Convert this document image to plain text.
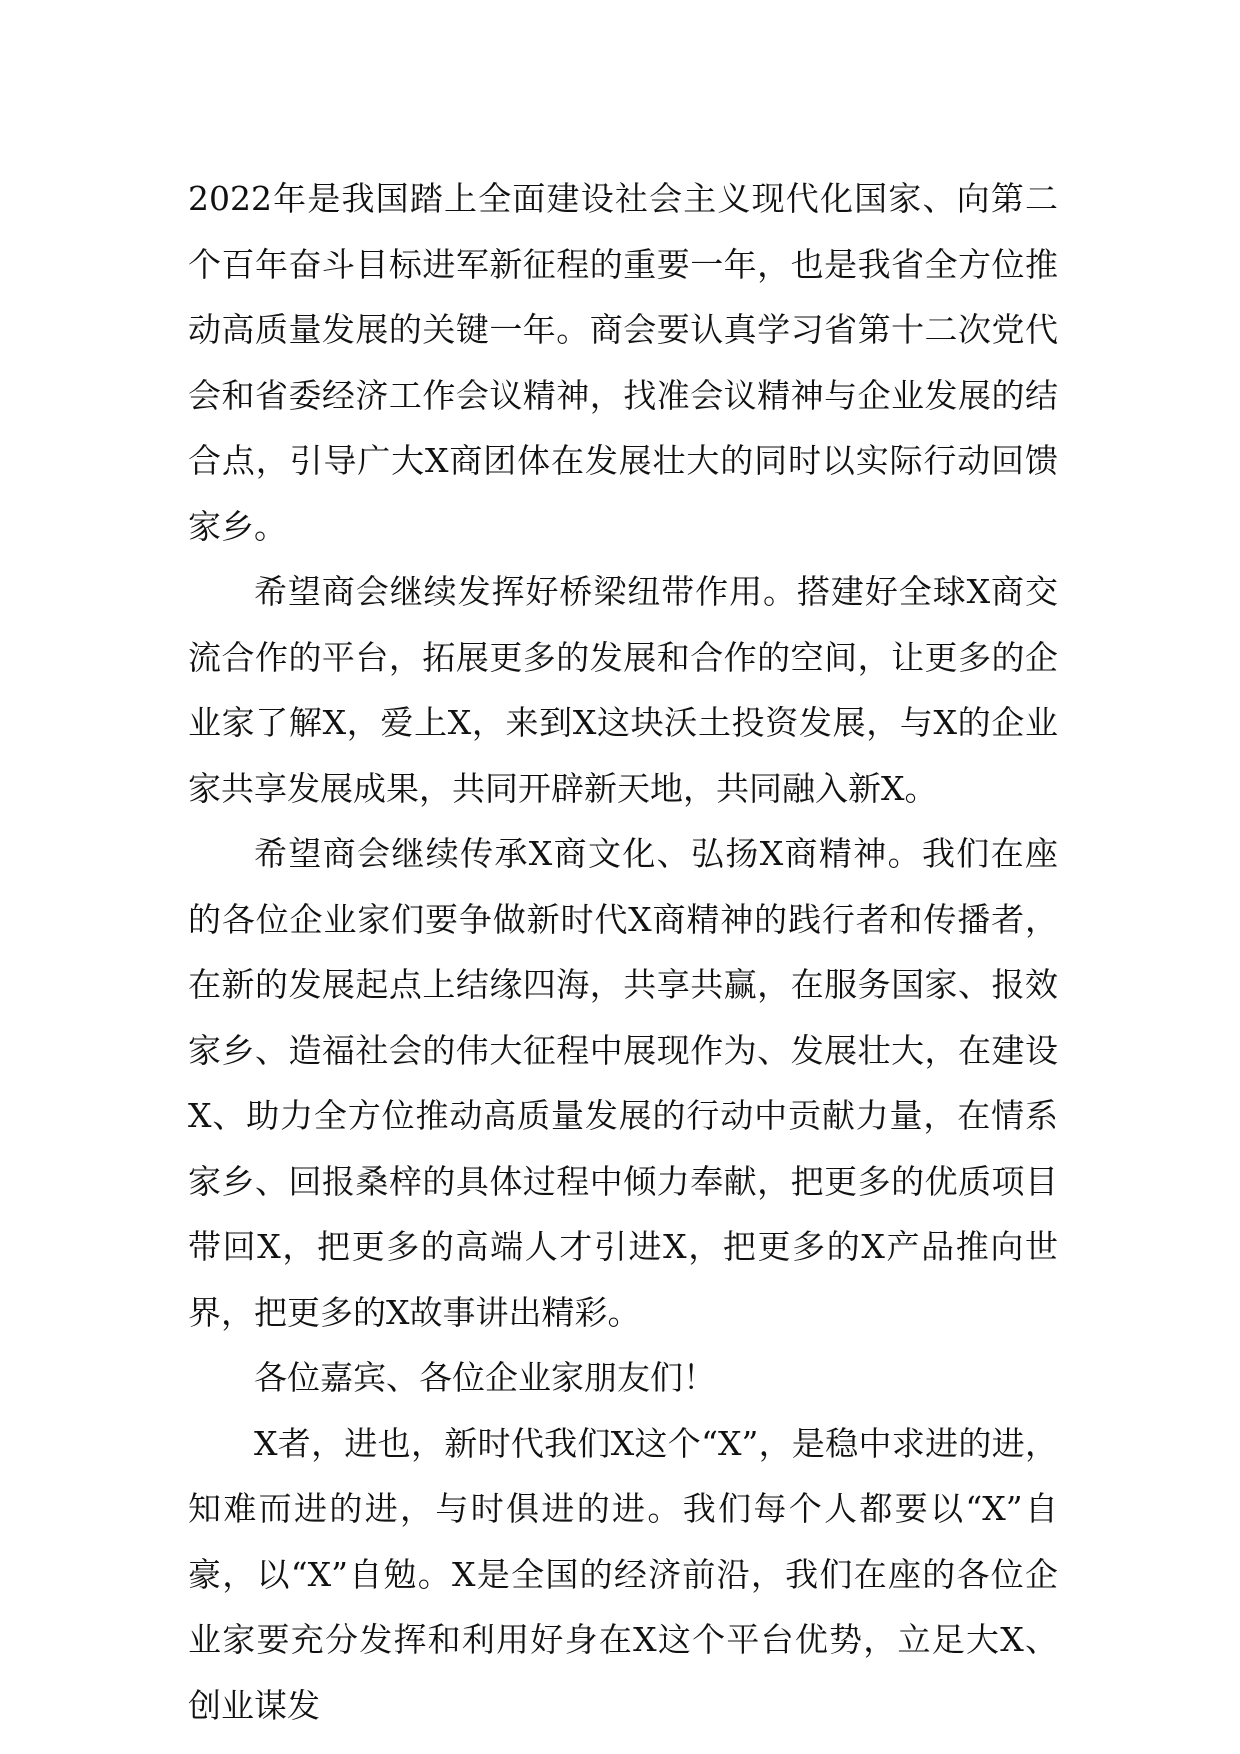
2022年是我国踏上全面建设社会主义现代化国家、向第二个百年奋斗目标进军新征程的重要一年，也是我省全方位推动高质量发展的关键一年。商会要认真学习省第十二次党代会和省委经济工作会议精神，找准会议精神与企业发展的结合点，引导广大X商团体在发展壮大的同时以实际行动回馈家乡。

希望商会继续发挥好桥梁纽带作用。搭建好全球X商交流合作的平台，拓展更多的发展和合作的空间，让更多的企业家了解X，爱上X，来到X这块沃土投资发展，与X的企业家共享发展成果，共同开辟新天地，共同融入新X。

希望商会继续传承X商文化、弘扬X商精神。我们在座的各位企业家们要争做新时代X商精神的践行者和传播者，在新的发展起点上结缘四海，共享共赢，在服务国家、报效家乡、造福社会的伟大征程中展现作为、发展壮大，在建设X、助力全方位推动高质量发展的行动中贡献力量，在情系家乡、回报桑梓的具体过程中倾力奉献，把更多的优质项目带回X，把更多的高端人才引进X，把更多的X产品推向世界，把更多的X故事讲出精彩。

各位嘉宾、各位企业家朋友们！

X者，进也，新时代我们X这个“X”，是稳中求进的进，知难而进的进，与时俱进的进。我们每个人都要以“X”自豪，以“X”自勉。X是全国的经济前沿，我们在座的各位企业家要充分发挥和利用好身在X这个平台优势，立足大X、创业谋发
